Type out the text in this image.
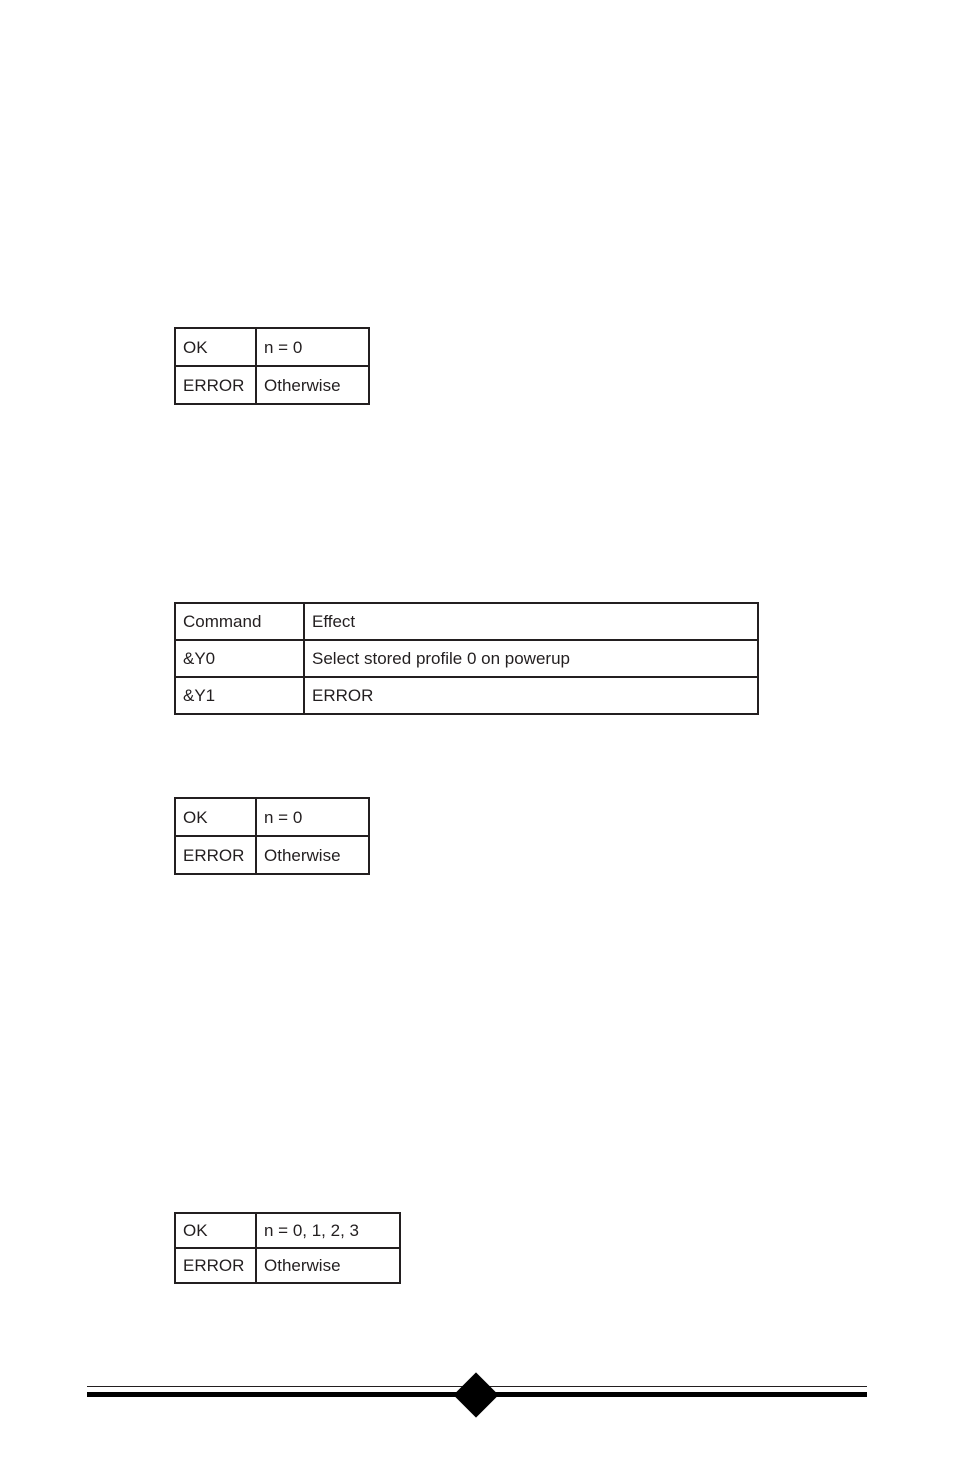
OK	n = 0
ERROR	Otherwise
Command	Effect
&Y0	Select stored profile 0 on powerup
&Y1	ERROR
OK	n = 0
ERROR	Otherwise
OK	n = 0, 1, 2, 3
ERROR	Otherwise
